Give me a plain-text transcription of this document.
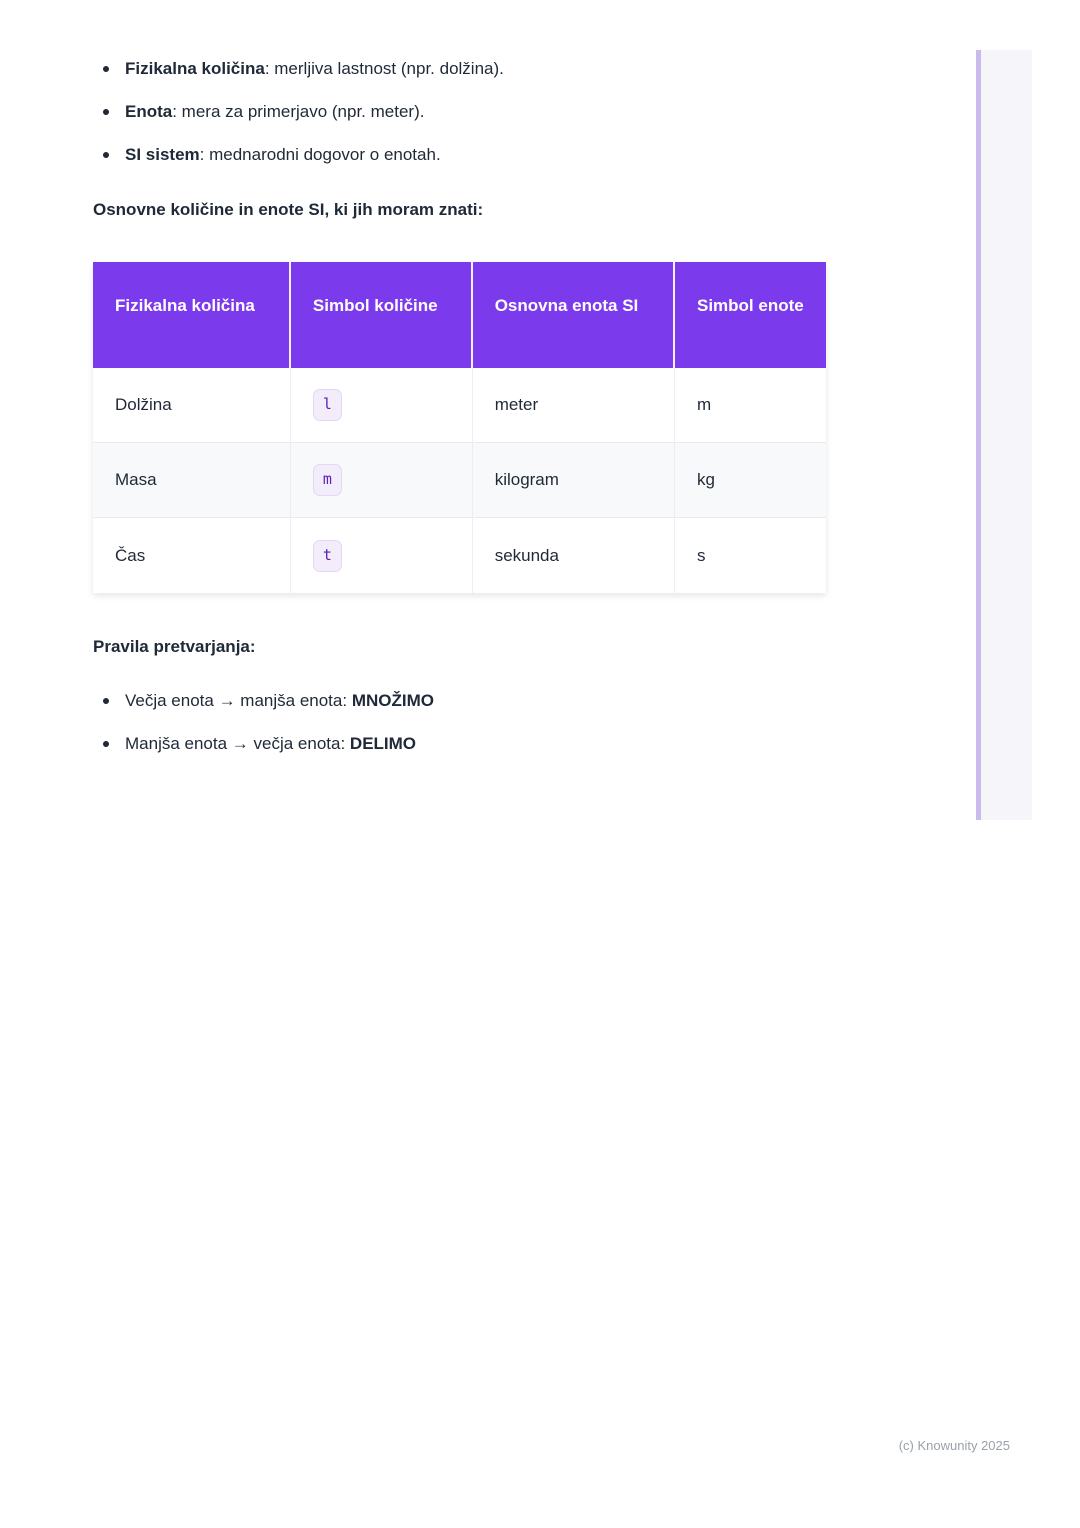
Fizikalna količina: merljiva lastnost (npr. dolžina).
Enota: mera za primerjavo (npr. meter).
SI sistem: mednarodni dogovor o enotah.
Osnovne količine in enote SI, ki jih moram znati:
Fizikalna količina	Simbol količine	Osnovna enota SI	Simbol enote
Dolžina	l	meter	m
Masa	m	kilogram	kg
Čas	t	sekunda	s
Pravila pretvarjanja:
Večja enota → manjša enota: MNOŽIMO
Manjša enota → večja enota: DELIMO
(c) Knowunity 2025
